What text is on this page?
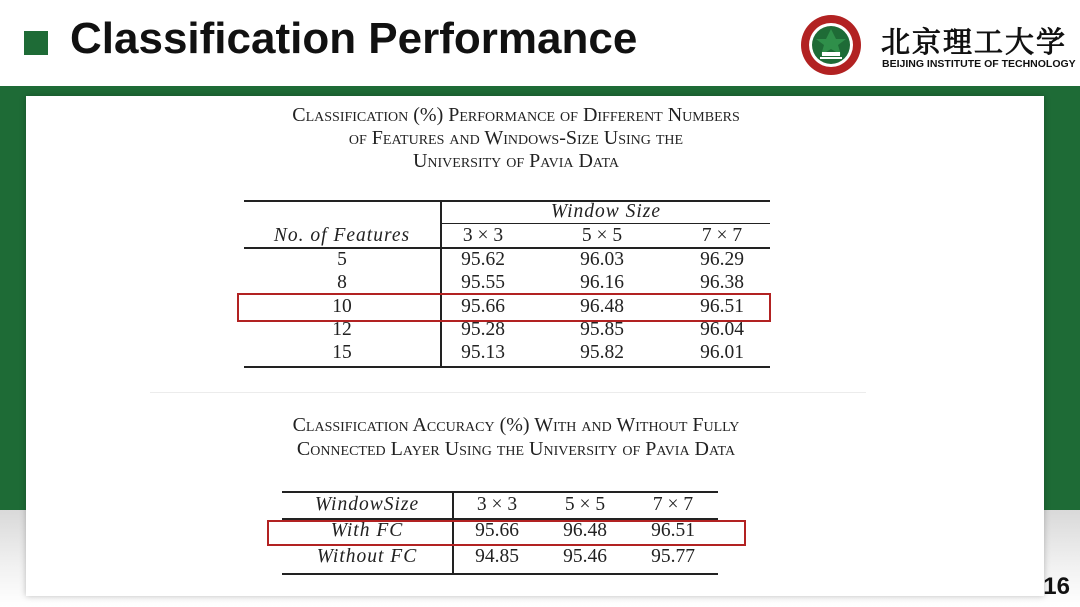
Classification Performance	北京理工大学
BEIJING INSTITUTE OF TECHNOLOGY
Classification (%) Performance of Different Numbers
of Features and Windows-Size Using the
University of Pavia Data
Window Size
No. of Features	3 × 3	5 × 5	7 × 7
5	95.62	96.03	96.29
8	95.55	96.16	96.38
10	95.66	96.48	96.51
12	95.28	95.85	96.04
15	95.13	95.82	96.01
Classification Accuracy (%) With and Without Fully
Connected Layer Using the University of Pavia Data
WindowSize	3 × 3	5 × 5	7 × 7
With FC	95.66	96.48	96.51
Without FC	94.85	95.46	95.77
16
